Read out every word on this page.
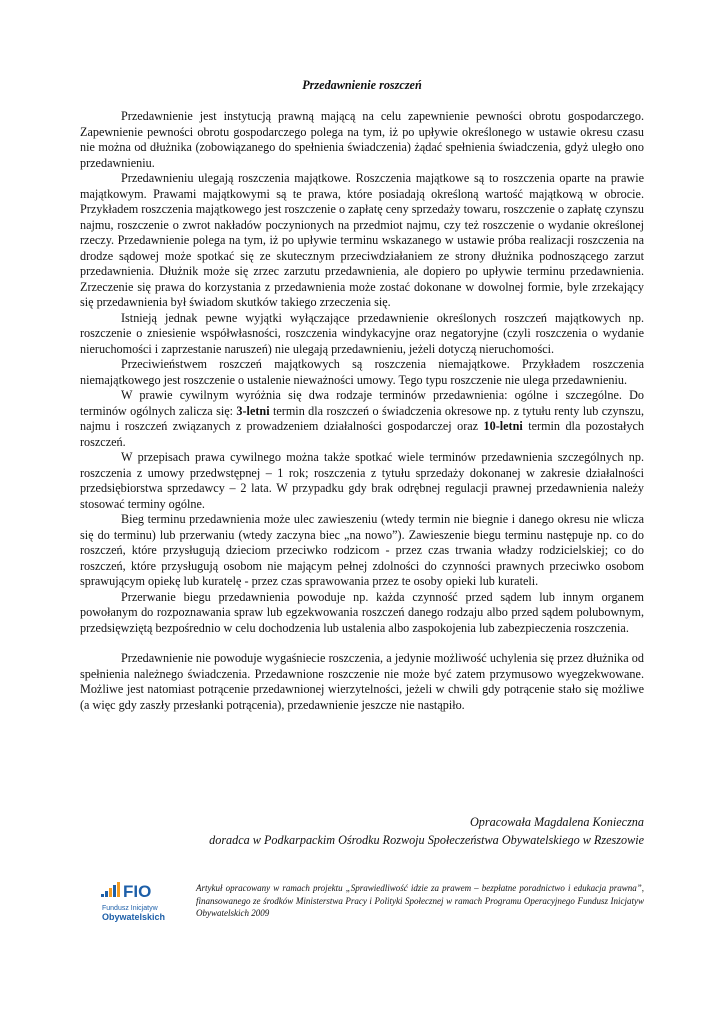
Przedawnienie roszczeń

Przedawnienie jest instytucją prawną mającą na celu zapewnienie pewności obrotu gospodarczego. Zapewnienie pewności obrotu gospodarczego polega na tym, iż po upływie określonego w ustawie okresu czasu nie można od dłużnika (zobowiązanego do spełnienia świadczenia) żądać spełnienia świadczenia, gdyż uległo ono przedawnieniu.

Przedawnieniu ulegają roszczenia majątkowe. Roszczenia majątkowe są to roszczenia oparte na prawie majątkowym. Prawami majątkowymi są te prawa, które posiadają określoną wartość majątkową w obrocie. Przykładem roszczenia majątkowego jest roszczenie o zapłatę ceny sprzedaży towaru, roszczenie o zapłatę czynszu najmu, roszczenie o zwrot nakładów poczynionych na przedmiot najmu, czy też roszczenie o wydanie określonej rzeczy. Przedawnienie polega na tym, iż po upływie terminu wskazanego w ustawie próba realizacji roszczenia na drodze sądowej może spotkać się ze skutecznym przeciwdziałaniem ze strony dłużnika podnoszącego zarzut przedawnienia. Dłużnik może się zrzec zarzutu przedawnienia, ale dopiero po upływie terminu przedawnienia. Zrzeczenie się prawa do korzystania z przedawnienia może zostać dokonane w dowolnej formie, byle zrzekający się przedawnienia był świadom skutków takiego zrzeczenia się.

Istnieją jednak pewne wyjątki wyłączające przedawnienie określonych roszczeń majątkowych np. roszczenie o zniesienie współwłasności, roszczenia windykacyjne oraz negatoryjne (czyli roszczenia o wydanie nieruchomości i zaprzestanie naruszeń) nie ulegają przedawnieniu, jeżeli dotyczą nieruchomości.

Przeciwieństwem roszczeń majątkowych są roszczenia niemajątkowe. Przykładem roszczenia niemajątkowego jest roszczenie o ustalenie nieważności umowy. Tego typu roszczenie nie ulega przedawnieniu.

W prawie cywilnym wyróżnia się dwa rodzaje terminów przedawnienia: ogólne i szczególne. Do terminów ogólnych zalicza się: 3-letni termin dla roszczeń o świadczenia okresowe np. z tytułu renty lub czynszu, najmu i roszczeń związanych z prowadzeniem działalności gospodarczej oraz 10-letni termin dla pozostałych roszczeń.

W przepisach prawa cywilnego można także spotkać wiele terminów przedawnienia szczególnych np. roszczenia z umowy przedwstępnej – 1 rok; roszczenia z tytułu sprzedaży dokonanej w zakresie działalności przedsiębiorstwa sprzedawcy – 2 lata. W przypadku gdy brak odrębnej regulacji prawnej przedawnienia należy stosować terminy ogólne.

Bieg terminu przedawnienia może ulec zawieszeniu (wtedy termin nie biegnie i danego okresu nie wlicza się do terminu) lub przerwaniu (wtedy zaczyna biec „na nowo”). Zawieszenie biegu terminu następuje np. co do roszczeń, które przysługują dzieciom przeciwko rodzicom - przez czas trwania władzy rodzicielskiej; co do roszczeń, które przysługują osobom nie mającym pełnej zdolności do czynności prawnych przeciwko osobom sprawującym opiekę lub kuratelę - przez czas sprawowania przez te osoby opieki lub kurateli.

Przerwanie biegu przedawnienia powoduje np. każda czynność przed sądem lub innym organem powołanym do rozpoznawania spraw lub egzekwowania roszczeń danego rodzaju albo przed sądem polubownym, przedsięwziętą bezpośrednio w celu dochodzenia lub ustalenia albo zaspokojenia lub zabezpieczenia roszczenia.

Przedawnienie nie powoduje wygaśniecie roszczenia, a jedynie możliwość uchylenia się przez dłużnika od spełnienia należnego świadczenia. Przedawnione roszczenie nie może być zatem przymusowo wyegzekwowane. Możliwe jest natomiast potrącenie przedawnionej wierzytelności, jeżeli w chwili gdy potrącenie stało się możliwe (a więc gdy zaszły przesłanki potrącenia), przedawnienie jeszcze nie nastąpiło.

Opracowała Magdalena Konieczna
doradca w Podkarpackim Ośrodku Rozwoju Społeczeństwa Obywatelskiego w Rzeszowie
FIO
Fundusz Inicjatyw
Obywatelskich
Artykuł opracowany w ramach projektu „Sprawiedliwość idzie za prawem – bezpłatne poradnictwo i edukacja prawna”, finansowanego ze środków Ministerstwa Pracy i Polityki Społecznej w ramach Programu Operacyjnego Fundusz Inicjatyw Obywatelskich 2009
